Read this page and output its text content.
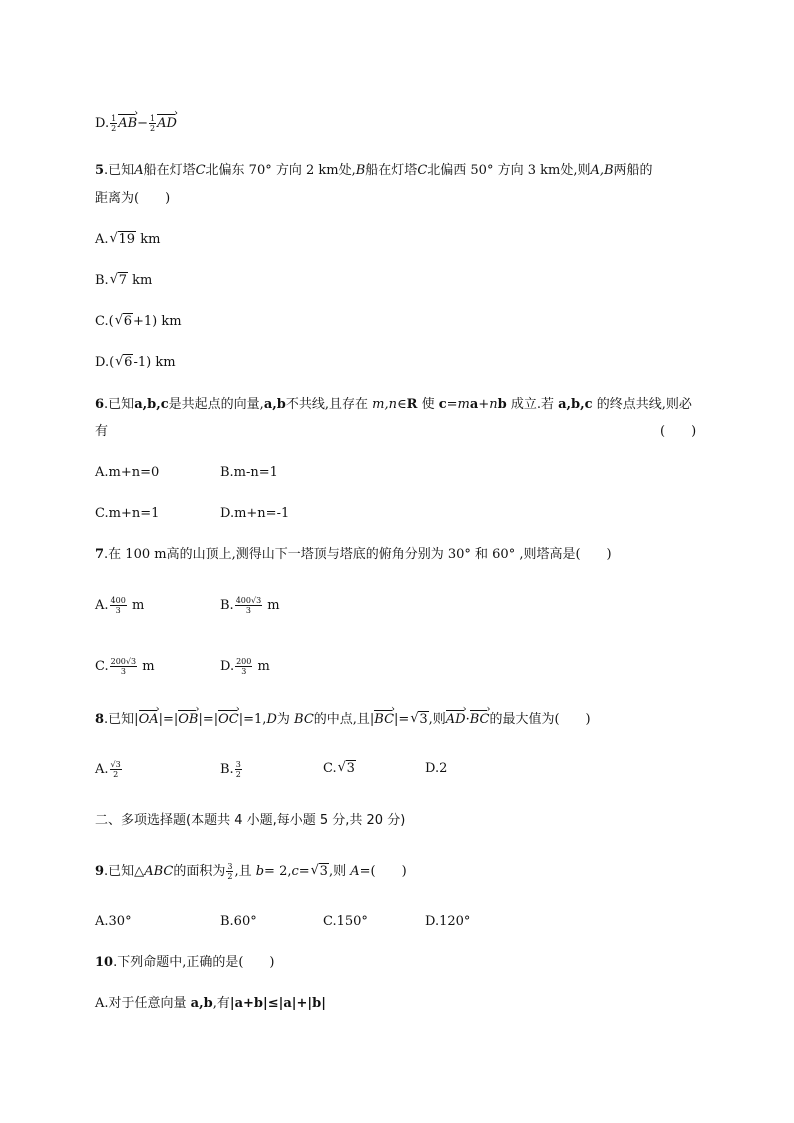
D. $\frac{1}{2}$ AB ›− $\frac{1}{2}$ AD ›
5.已知A船在灯塔C北偏东 70° 方向 2 km处,B船在灯塔C北偏西 50° 方向 3 km处,则A,B两船的
距离为(　　)
A. √ 19 km
B. √ 7 km
C.( √ 6+1) km
D.( √ 6-1) km
6.已知a,b,c是共起点的向量,a,b不共线,且存在 m,n∈R 使 c=ma+nb 成立.若 a,b,c 的终点共线,则必
有	(　　)
A.m+n=0	B.m-n=1
C.m+n=1	D.m+n=-1
7.在 100 m高的山顶上,测得山下一塔顶与塔底的俯角分别为 30° 和 60° ,则塔高是(　　)
A. $\frac{400}{3}$ m	B. $\frac{400√3}{3}$ m
C. $\frac{200√3}{3}$ m	D. $\frac{200}{3}$ m
8.已知|OA ›|=|OB ›|=|OC ›|=1,D为 BC的中点,且|BC ›|= √ 3,则AD ›·BC ›的最大值为(　　)
A. $\frac{√3}{2}$	B. $\frac{3}{2}$	C. √ 3	D.2
二、多项选择题(本题共 4 小题,每小题 5 分,共 20 分)
9.已知△ABC的面积为 $\frac{3}{2}$ ,且 b= 2,c= √ 3,则 A=(　　)
A.30°	B.60°	C.150°	D.120°
10.下列命题中,正确的是(　　)
A.对于任意向量 a,b,有|a+b|≤|a|+|b|
